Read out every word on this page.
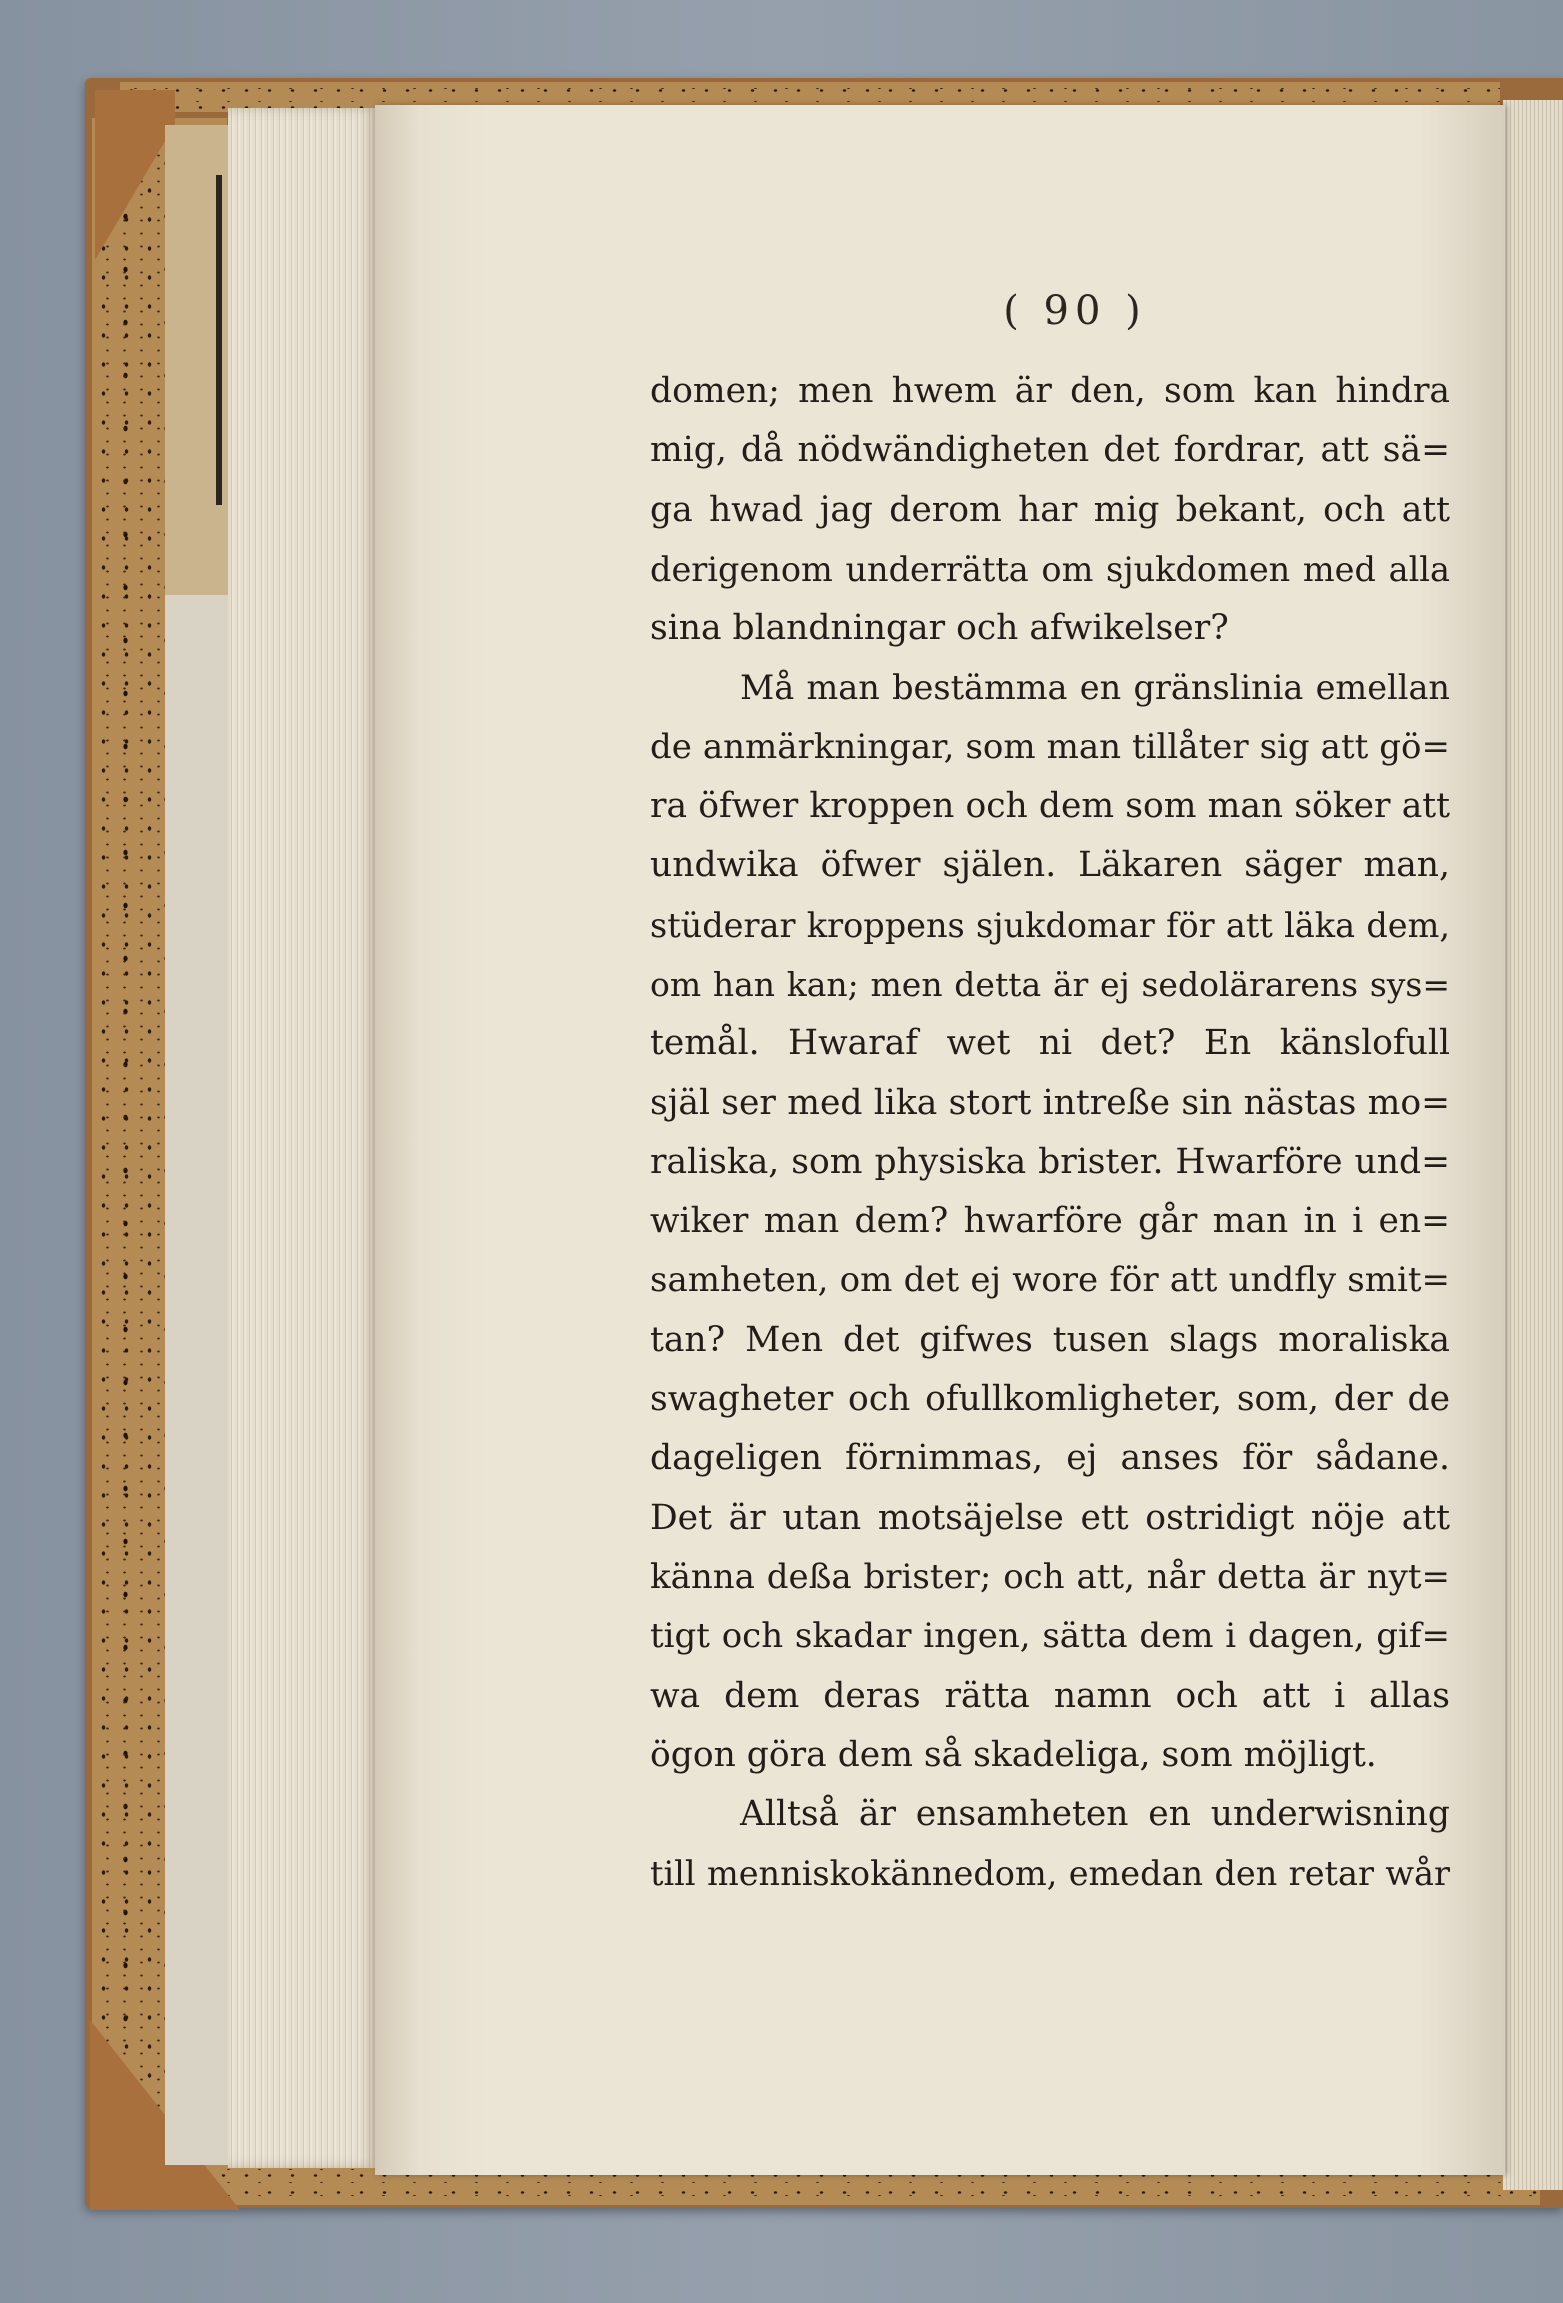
( 90 )
domen; men hwem är den, som kan hindra
mig, då nödwändigheten det fordrar, att sä=
ga hwad jag derom har mig bekant, och att
derigenom underrätta om sjukdomen med alla
sina blandningar och afwikelser?
Må man bestämma en gränslinia emellan
de anmärkningar, som man tillåter sig att gö=
ra öfwer kroppen och dem som man söker att
undwika öfwer själen. Läkaren säger man,
stüderar kroppens sjukdomar för att läka dem,
om han kan; men detta är ej sedolärarens sys=
temål. Hwaraf wet ni det? En känslofull
själ ser med lika stort intreße sin nästas mo=
raliska, som physiska brister. Hwarföre und=
wiker man dem? hwarföre går man in i en=
samheten, om det ej wore för att undfly smit=
tan? Men det gifwes tusen slags moraliska
swagheter och ofullkomligheter, som, der de
dageligen förnimmas, ej anses för sådane.
Det är utan motsäjelse ett ostridigt nöje att
känna deßa brister; och att, når detta är nyt=
tigt och skadar ingen, sätta dem i dagen, gif=
wa dem deras rätta namn och att i allas
ögon göra dem så skadeliga, som möjligt.
Alltså är ensamheten en underwisning
till menniskokännedom, emedan den retar wår
